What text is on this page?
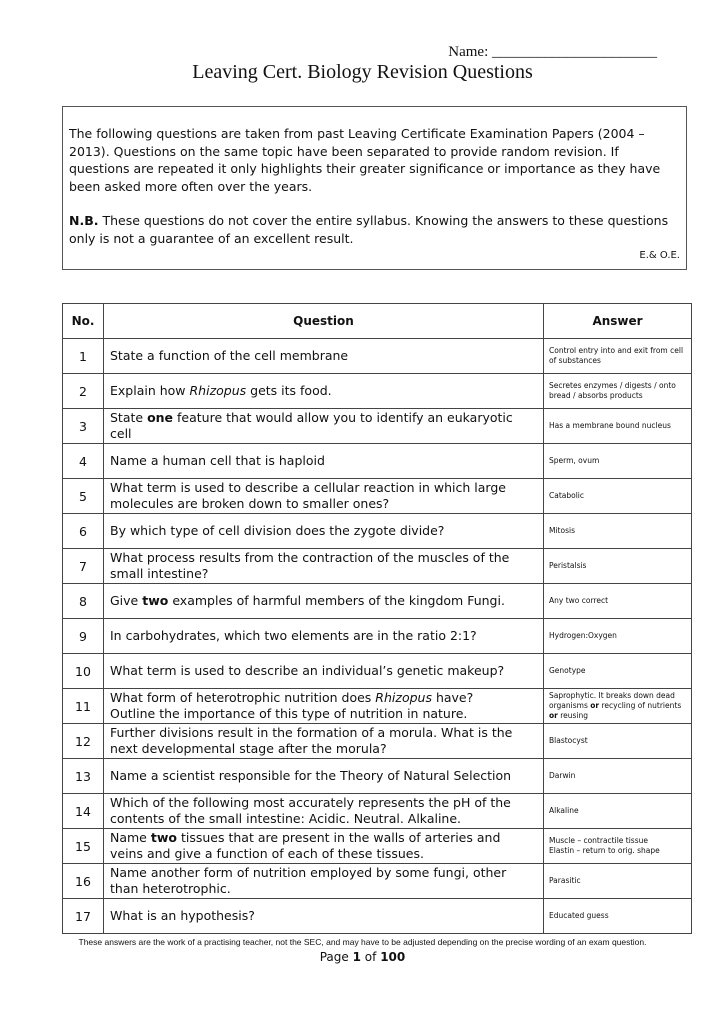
Name: ______________________
Leaving Cert. Biology Revision Questions

The following questions are taken from past Leaving Certificate Examination Papers (2004 – 2013). Questions on the same topic have been separated to provide random revision. If questions are repeated it only highlights their greater significance or importance as they have been asked more often over the years.

N.B. These questions do not cover the entire syllabus. Knowing the answers to these questions only is not a guarantee of an excellent result.

E.& O.E.
No.	Question	Answer
1	State a function of the cell membrane	Control entry into and exit from cell of substances
2	Explain how Rhizopus gets its food.	Secretes enzymes / digests / onto bread / absorbs products
3	State one feature that would allow you to identify an eukaryotic cell	Has a membrane bound nucleus
4	Name a human cell that is haploid	Sperm, ovum
5	What term is used to describe a cellular reaction in which large molecules are broken down to smaller ones?	Catabolic
6	By which type of cell division does the zygote divide?	Mitosis
7	What process results from the contraction of the muscles of the small intestine?	Peristalsis
8	Give two examples of harmful members of the kingdom Fungi.	Any two correct
9	In carbohydrates, which two elements are in the ratio 2:1?	Hydrogen:Oxygen
10	What term is used to describe an individual’s genetic makeup?	Genotype
11	What form of heterotrophic nutrition does Rhizopus have?
Outline the importance of this type of nutrition in nature.	Saprophytic. It breaks down dead organisms or recycling of nutrients or reusing
12	Further divisions result in the formation of a morula. What is the next developmental stage after the morula?	Blastocyst
13	Name a scientist responsible for the Theory of Natural Selection	Darwin
14	Which of the following most accurately represents the pH of the contents of the small intestine: Acidic. Neutral. Alkaline.	Alkaline
15	Name two tissues that are present in the walls of arteries and veins and give a function of each of these tissues.	Muscle – contractile tissue
Elastin – return to orig. shape
16	Name another form of nutrition employed by some fungi, other than heterotrophic.	Parasitic
17	What is an hypothesis?	Educated guess
These answers are the work of a practising teacher, not the SEC, and may have to be adjusted depending on the precise wording of an exam question.
Page 1 of 100
